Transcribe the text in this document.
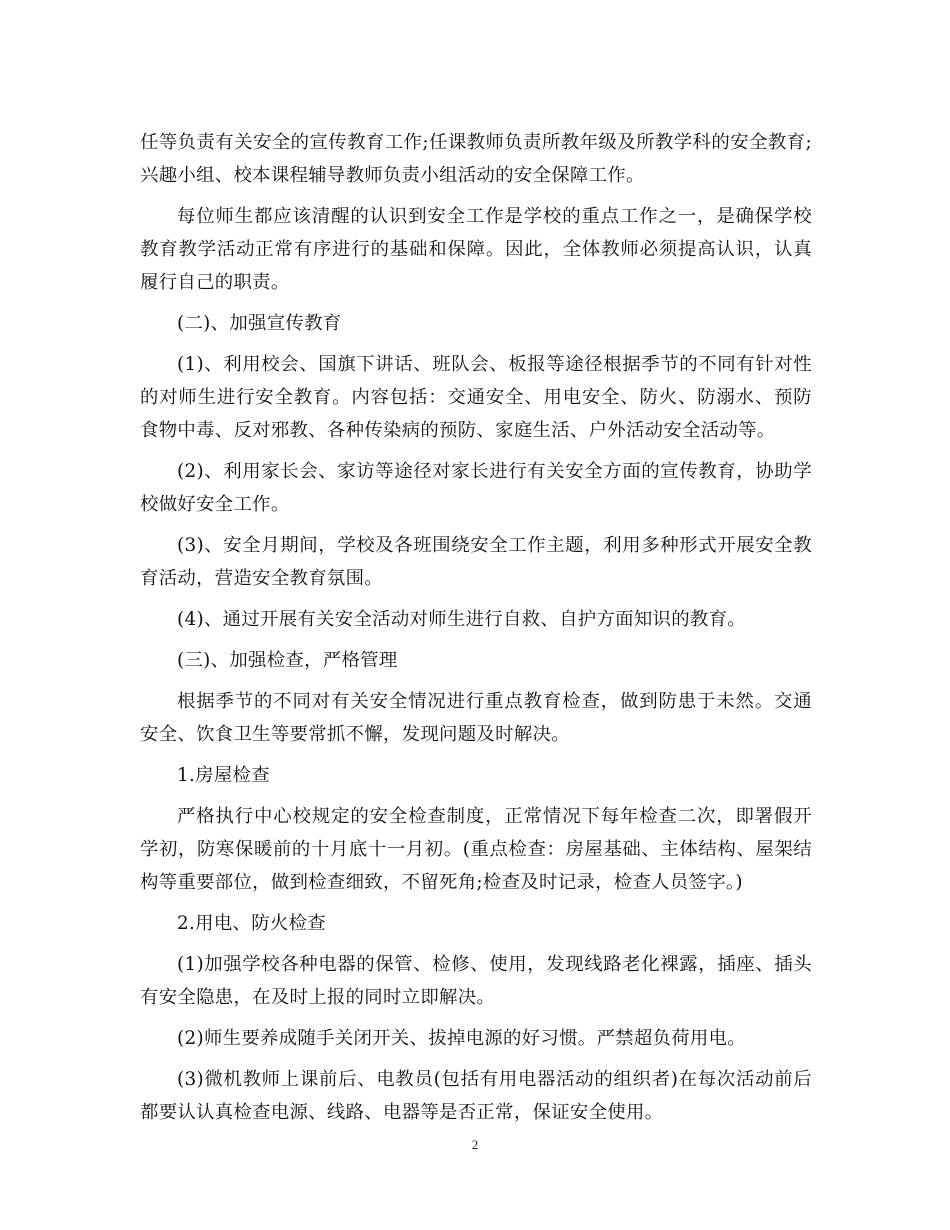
任等负责有关安全的宣传教育工作;任课教师负责所教年级及所教学科的安全教育;兴趣小组、校本课程辅导教师负责小组活动的安全保障工作。

每位师生都应该清醒的认识到安全工作是学校的重点工作之一，是确保学校教育教学活动正常有序进行的基础和保障。因此，全体教师必须提高认识，认真履行自己的职责。

(二)、加强宣传教育

(1)、利用校会、国旗下讲话、班队会、板报等途径根据季节的不同有针对性的对师生进行安全教育。内容包括：交通安全、用电安全、防火、防溺水、预防食物中毒、反对邪教、各种传染病的预防、家庭生活、户外活动安全活动等。

(2)、利用家长会、家访等途径对家长进行有关安全方面的宣传教育，协助学校做好安全工作。

(3)、安全月期间，学校及各班围绕安全工作主题，利用多种形式开展安全教育活动，营造安全教育氛围。

(4)、通过开展有关安全活动对师生进行自救、自护方面知识的教育。

(三)、加强检查，严格管理

根据季节的不同对有关安全情况进行重点教育检查，做到防患于未然。交通安全、饮食卫生等要常抓不懈，发现问题及时解决。

1.房屋检查

严格执行中心校规定的安全检查制度，正常情况下每年检查二次，即署假开学初，防寒保暖前的十月底十一月初。(重点检查：房屋基础、主体结构、屋架结构等重要部位，做到检查细致，不留死角;检查及时记录，检查人员签字。)

2.用电、防火检查

(1)加强学校各种电器的保管、检修、使用，发现线路老化裸露，插座、插头有安全隐患，在及时上报的同时立即解决。

(2)师生要养成随手关闭开关、拔掉电源的好习惯。严禁超负荷用电。

(3)微机教师上课前后、电教员(包括有用电器活动的组织者)在每次活动前后都要认认真检查电源、线路、电器等是否正常，保证安全使用。

2
